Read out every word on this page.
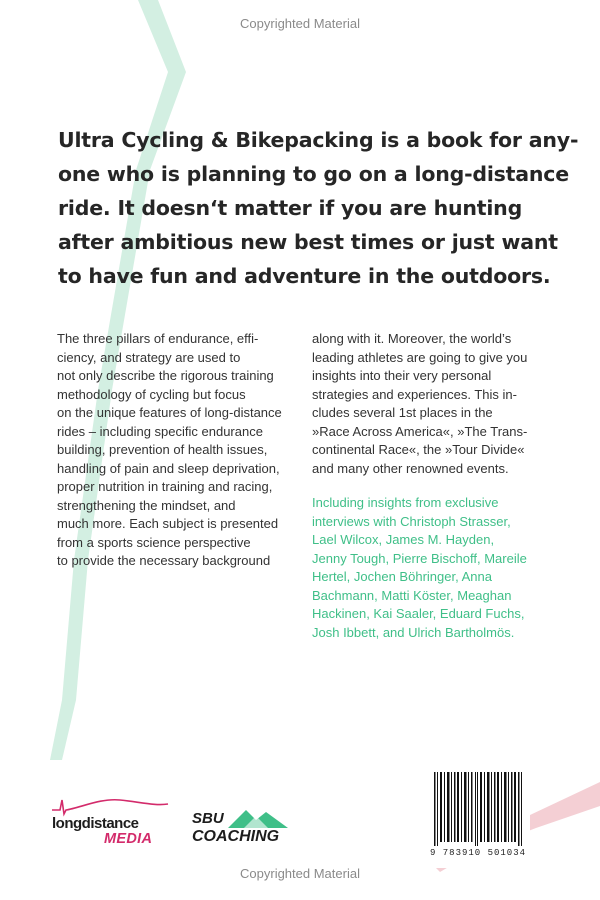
Copyrighted Material
Ultra Cycling & Bikepacking is a book for any-
one who is planning to go on a long-distance
ride. It doesn‘t matter if you are hunting
after ambitious new best times or just want
to have fun and adventure in the outdoors.
The three pillars of endurance, effi-
ciency, and strategy are used to
not only describe the rigorous training
methodology of cycling but focus
on the unique features of long-distance
rides – including specific endurance
building, prevention of health issues,
handling of pain and sleep deprivation,
proper nutrition in training and racing,
strengthening the mindset, and
much more. Each subject is presented
from a sports science perspective
to provide the necessary background
along with it. Moreover, the world’s
leading athletes are going to give you
insights into their very personal
strategies and experiences. This in-
cludes several 1st places in the
»Race Across America«, »The Trans-
continental Race«, the »Tour Divide«
and many other renowned events.
Including insights from exclusive
interviews with Christoph Strasser,
Lael Wilcox, James M. Hayden,
Jenny Tough, Pierre Bischoff, Mareile
Hertel, Jochen Böhringer, Anna
Bachmann, Matti Köster, Meaghan
Hackinen, Kai Saaler, Eduard Fuchs,
Josh Ibbett, and Ulrich Bartholmös.
longdistance
MEDIA
SBU
COACHING
9 783910 501034
Copyrighted Material
